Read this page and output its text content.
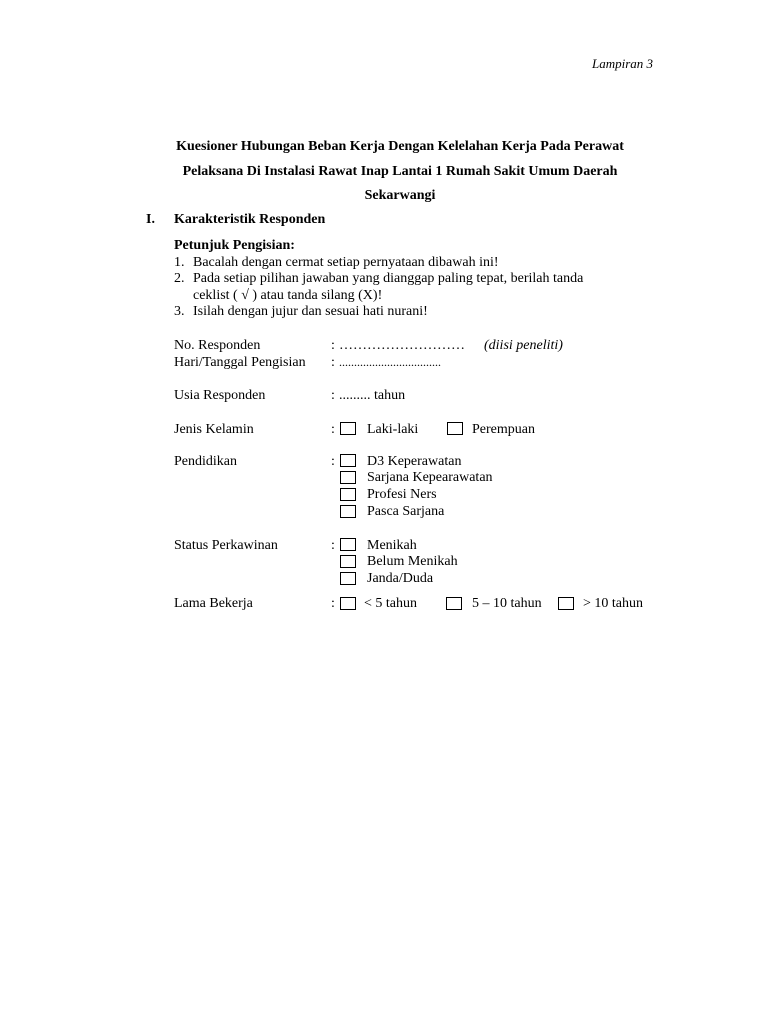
Lampiran 3
Kuesioner Hubungan Beban Kerja Dengan Kelelahan Kerja Pada Perawat
Pelaksana Di Instalasi Rawat Inap Lantai 1 Rumah Sakit Umum Daerah
Sekarwangi
I. Karakteristik Responden
Petunjuk Pengisian:
1. Bacalah dengan cermat setiap pernyataan dibawah ini!
2. Pada setiap pilihan jawaban yang dianggap paling tepat, berilah tanda
ceklist ( √ ) atau tanda silang (X)!
3. Isilah dengan jujur dan sesuai hati nurani!
No. Responden	: ……………………… (diisi peneliti)
Hari/Tanggal Pengisian : ..................................
Usia Responden	: ......... tahun
Jenis Kelamin	: Laki-laki	Perempuan
Pendidikan	: D3 Keperawatan
Sarjana Kepearawatan
Profesi Ners
Pasca Sarjana
Status Perkawinan	: Menikah
Belum Menikah
Janda/Duda
Lama Bekerja	: < 5 tahun	5 – 10 tahun	> 10 tahun
